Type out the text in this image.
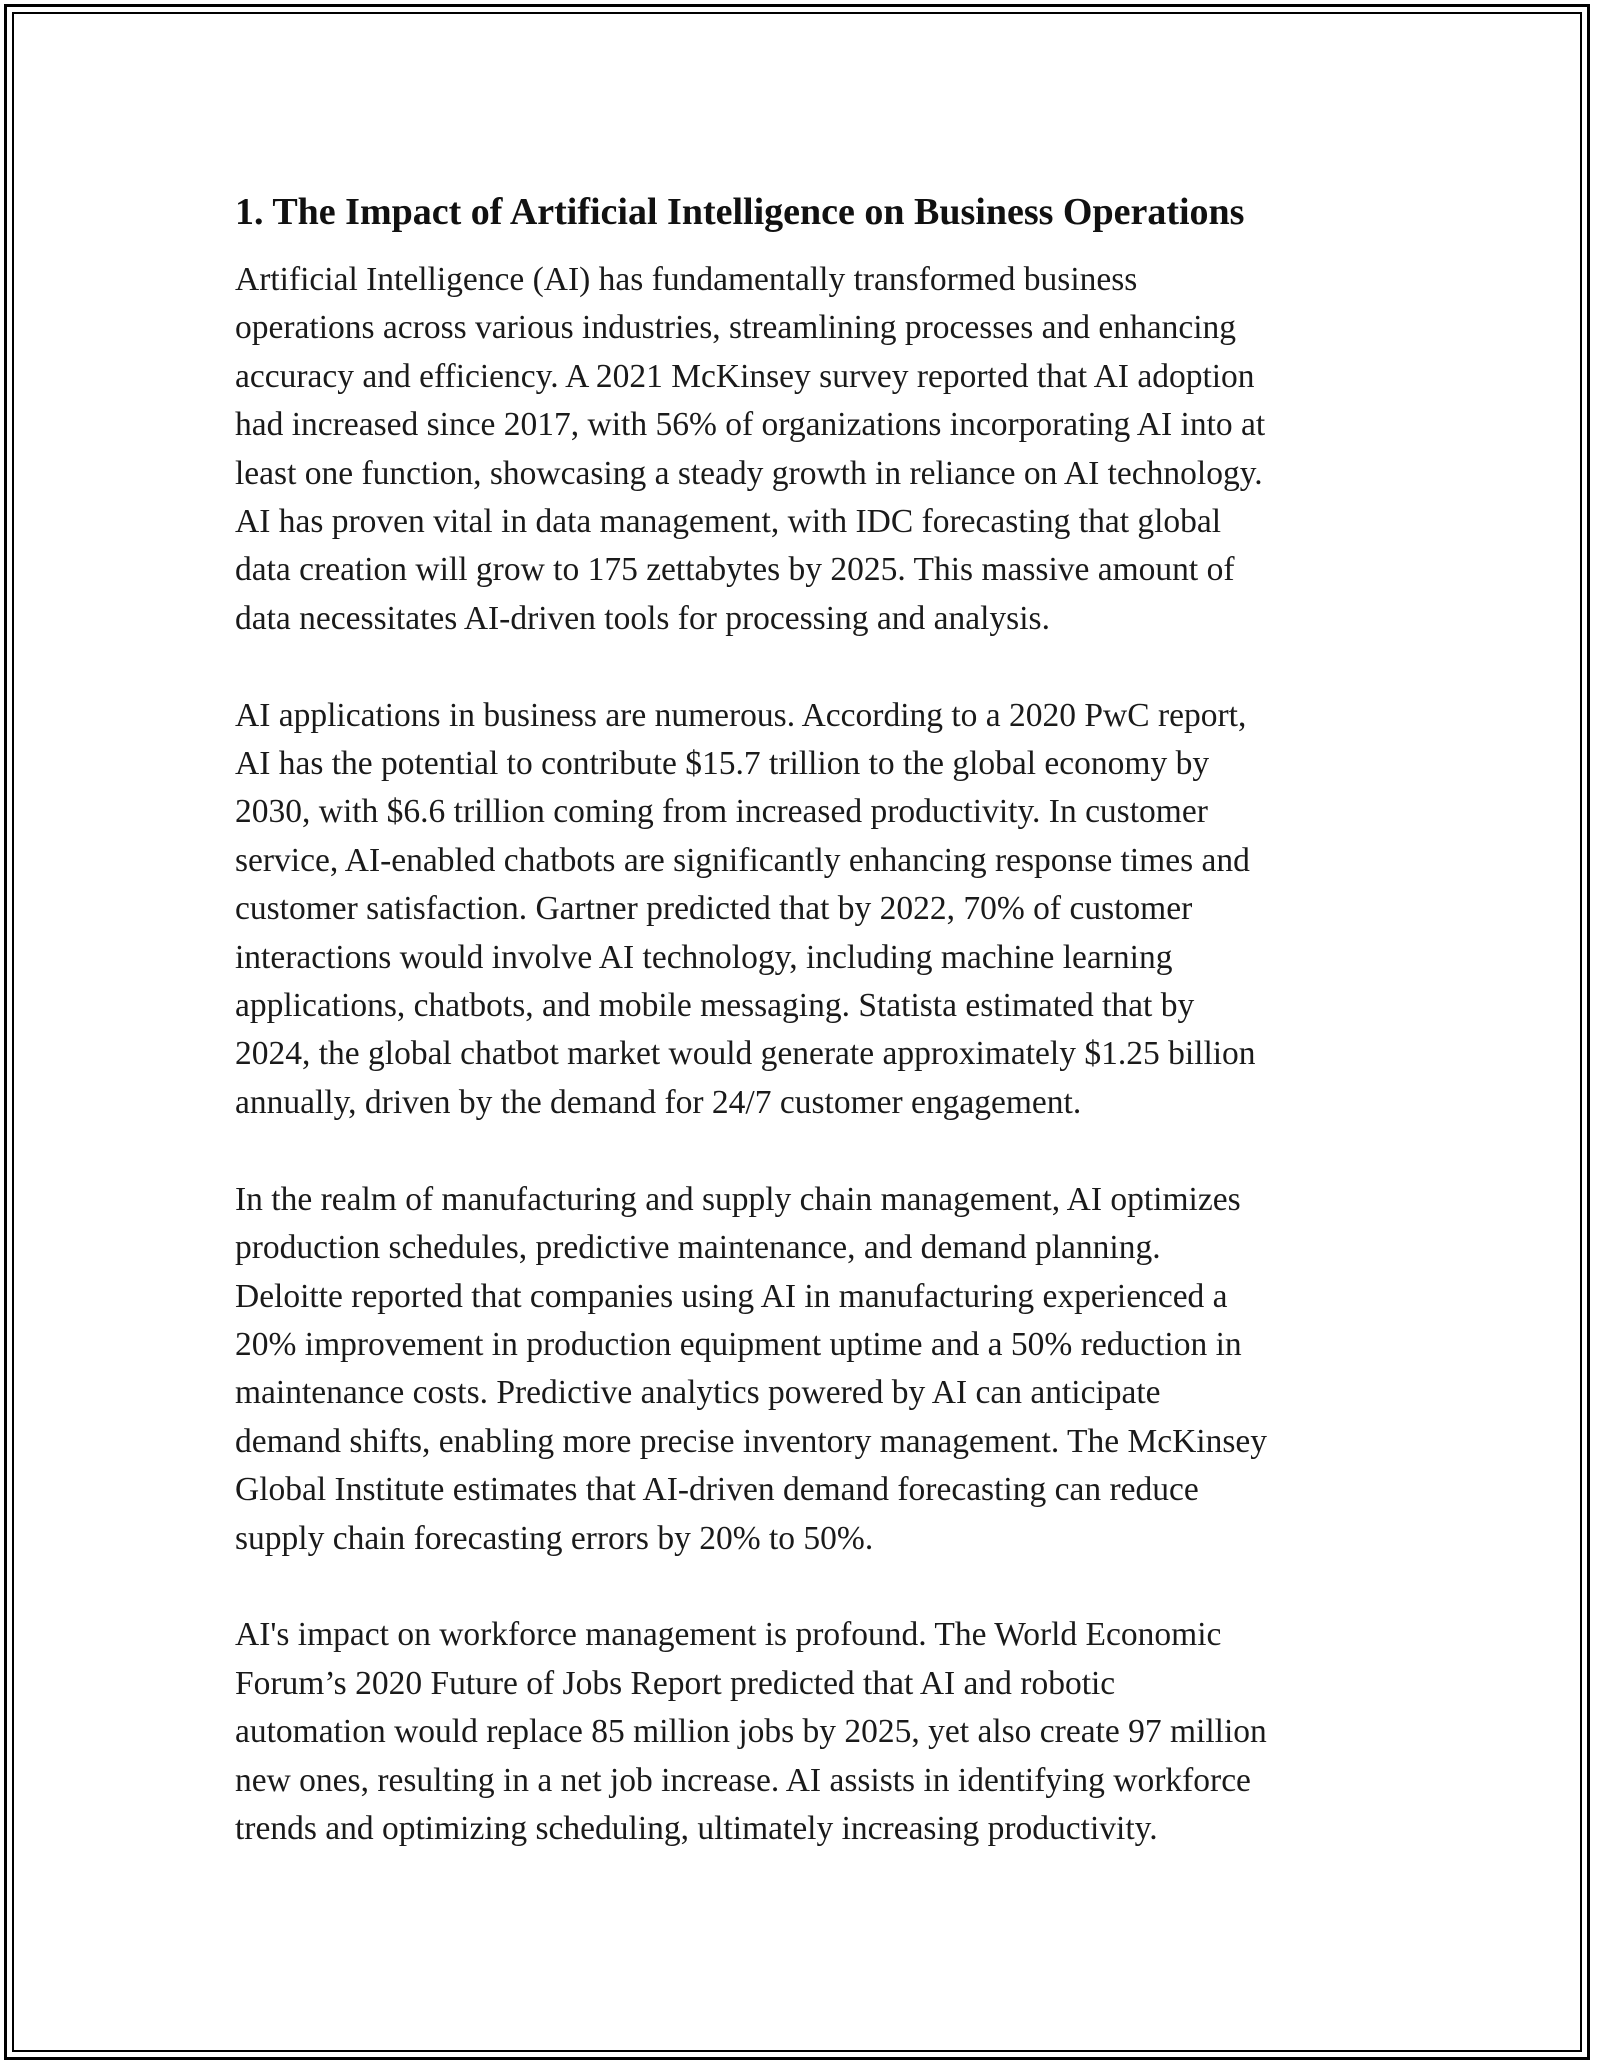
1. The Impact of Artificial Intelligence on Business Operations

Artificial Intelligence (AI) has fundamentally transformed business
operations across various industries, streamlining processes and enhancing
accuracy and efficiency. A 2021 McKinsey survey reported that AI adoption
had increased since 2017, with 56% of organizations incorporating AI into at
least one function, showcasing a steady growth in reliance on AI technology.
AI has proven vital in data management, with IDC forecasting that global
data creation will grow to 175 zettabytes by 2025. This massive amount of
data necessitates AI-driven tools for processing and analysis.

AI applications in business are numerous. According to a 2020 PwC report,
AI has the potential to contribute $15.7 trillion to the global economy by
2030, with $6.6 trillion coming from increased productivity. In customer
service, AI-enabled chatbots are significantly enhancing response times and
customer satisfaction. Gartner predicted that by 2022, 70% of customer
interactions would involve AI technology, including machine learning
applications, chatbots, and mobile messaging. Statista estimated that by
2024, the global chatbot market would generate approximately $1.25 billion
annually, driven by the demand for 24/7 customer engagement.

In the realm of manufacturing and supply chain management, AI optimizes
production schedules, predictive maintenance, and demand planning.
Deloitte reported that companies using AI in manufacturing experienced a
20% improvement in production equipment uptime and a 50% reduction in
maintenance costs. Predictive analytics powered by AI can anticipate
demand shifts, enabling more precise inventory management. The McKinsey
Global Institute estimates that AI-driven demand forecasting can reduce
supply chain forecasting errors by 20% to 50%.

AI's impact on workforce management is profound. The World Economic
Forum’s 2020 Future of Jobs Report predicted that AI and robotic
automation would replace 85 million jobs by 2025, yet also create 97 million
new ones, resulting in a net job increase. AI assists in identifying workforce
trends and optimizing scheduling, ultimately increasing productivity.
